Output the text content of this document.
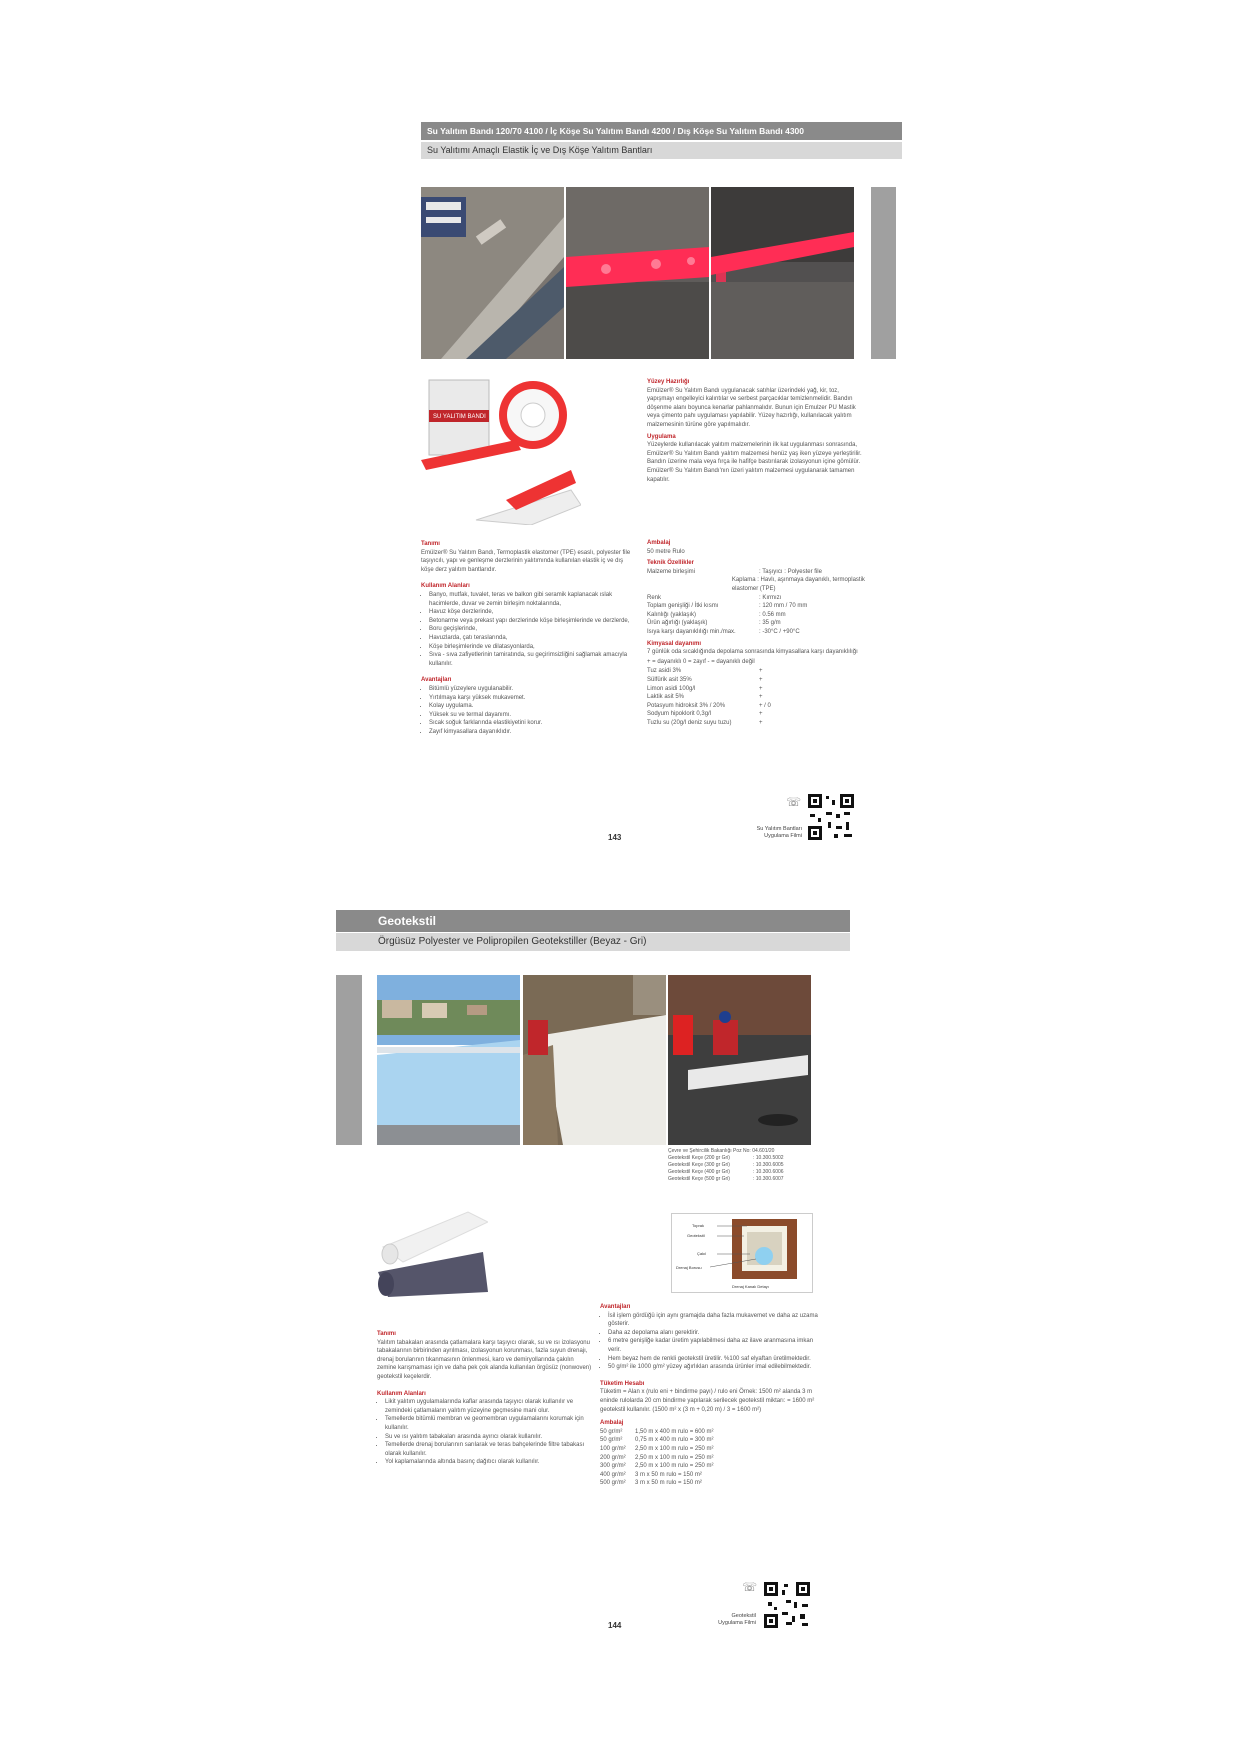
Su Yalıtım Bandı 120/70 4100 / İç Köşe Su Yalıtım Bandı 4200 / Dış Köşe Su Yalıtım Bandı 4300
Su Yalıtımı Amaçlı Elastik İç ve Dış Köşe Yalıtım Bantları
SU YALITIM BANDI
Yüzey Hazırlığı

Emülzer® Su Yalıtım Bandı uygulanacak satıhlar üzerindeki yağ, kir, toz, yapışmayı engelleyici kalıntılar ve serbest parçacıklar temizlenmelidir. Bandın döşenme alanı boyunca kenarlar pahlanmalıdır. Bunun için Emulzer PU Mastik veya çimento pahı uygulaması yapılabilir. Yüzey hazırlığı, kullanılacak yalıtım malzemesinin türüne göre yapılmalıdır.

Uygulama

Yüzeylerde kullanılacak yalıtım malzemelerinin ilk kat uygulanması sonrasında, Emülzer® Su Yalıtım Bandı yalıtım malzemesi henüz yaş iken yüzeye yerleştirilir. Bandın üzerine mala veya fırça ile hafifçe bastırılarak izolasyonun içine gömülür. Emülzer® Su Yalıtım Bandı'nın üzeri yalıtım malzemesi uygulanarak tamamen kapatılır.

Ambalaj

50 metre Rulo

Teknik Özellikler
Malzeme birleşimi	: Taşıyıcı : Polyester file
Kaplama : Havlı, aşınmaya dayanıklı, termoplastik elastomer (TPE)
Renk	: Kırmızı
Toplam genişliği / İtki kısmı	: 120 mm / 70 mm
Kalınlığı (yaklaşık)	: 0.56 mm
Ürün ağırlığı (yaklaşık)	: 35 g/m
Isıya karşı dayanıklılığı min./max.	: -30°C / +90°C
Kimyasal dayanımı

7 günlük oda sıcaklığında depolama sonrasında kimyasallara karşı dayanıklılığı

+ = dayanıklı 0 = zayıf - = dayanıklı değil

Tuz asidi 3%	+
Sülfürik asit 35%	+
Limon asidi 100g/l	+
Laktik asit 5%	+
Potasyum hidroksit 3% / 20%	+ / 0
Sodyum hipoklorit 0,3g/l	+
Tuzlu su (20g/l deniz suyu tuzu)	+
Tanımı

Emülzer® Su Yalıtım Bandı, Termoplastik elastomer (TPE) esaslı, polyester file taşıyıcılı, yapı ve genleşme derzlerinin yalıtımında kullanılan elastik iç ve dış köşe derz yalıtım bantlarıdır.

Kullanım Alanları
• Banyo, mutfak, tuvalet, teras ve balkon gibi seramik kaplanacak ıslak hacimlerde, duvar ve zemin birleşim noktalarında,
• Havuz köşe derzlerinde,
• Betonarme veya prekast yapı derzlerinde köşe birleşimlerinde ve derzlerde,
• Boru geçişlerinde,
• Havuzlarda, çatı teraslarında,
• Köşe birleşimlerinde ve dilatasyonlarda,
• Sıva - sıva zafiyetlerinin tamiratında, su geçirimsizliğini sağlamak amacıyla kullanılır.
Avantajları
• Bitümlü yüzeylere uygulanabilir.
• Yırtılmaya karşı yüksek mukavemet.
• Kolay uygulama.
• Yüksek su ve termal dayanımı.
• Sıcak soğuk farklarında elastikiyetini korur.
• Zayıf kimyasallara dayanıklıdır.
143
Su Yalıtım Bantları
Uygulama Filmi
☏
Geotekstil
Örgüsüz Polyester ve Polipropilen Geotekstiller (Beyaz - Gri)
Çevre ve Şehircilik Bakanlığı Poz No: 04.601/20
Geotekstil Keçe (200 gr Gri)	: 10.300.5002
Geotekstil Keçe (300 gr Gri)	: 10.300.6005
Geotekstil Keçe (400 gr Gri)	: 10.300.6006
Geotekstil Keçe (500 gr Gri)	: 10.300.6007
Toprak
Geotekstil
Çakıl
Drenaj Borusu
Drenaj Kanalı Detayı
Tanımı

Yalıtım tabakaları arasında çatlamalara karşı taşıyıcı olarak, su ve ısı izolasyonu tabakalarının birbirinden ayrılması, izolasyonun korunması, fazla suyun drenajı, drenaj borularının tıkanmasının önlenmesi, karo ve demiryollarında çakılın zemine karışmaması için ve daha pek çok alanda kullanılan örgüsüz (nonwoven) geotekstil keçelerdir.

Kullanım Alanları
• Likit yalıtım uygulamalarında kaflar arasında taşıyıcı olarak kullanılır ve zemindeki çatlamaların yalıtım yüzeyine geçmesine mani olur.
• Temellerde bitümlü membran ve geomembran uygulamalarını korumak için kullanılır.
• Su ve ısı yalıtım tabakaları arasında ayırıcı olarak kullanılır.
• Temellerde drenaj borularının sarılarak ve teras bahçelerinde filtre tabakası olarak kullanılır.
• Yol kaplamalarında altında basınç dağıtıcı olarak kullanılır.
Avantajları
• İsil işlem gördüğü için aynı gramajda daha fazla mukavemet ve daha az uzama gösterir.
• Daha az depolama alanı gerektirir.
• 6 metre genişliğe kadar üretim yapılabilmesi daha az ilave aranmasına imkan verir.
• Hem beyaz hem de renkli geotekstil üretilir. %100 saf elyaftan üretilmektedir.
• 50 g/m² ile 1000 g/m² yüzey ağırlıkları arasında ürünler imal edilebilmektedir.
Tüketim Hesabı

Tüketim = Alan x (rulo eni + bindirme payı) / rulo eni Örnek: 1500 m² alanda 3 m eninde rulolarda 20 cm bindirme yapılarak serilecek geotekstil miktarı: = 1600 m² geotekstil kullanılır. (1500 m² x (3 m + 0,20 m) / 3 = 1600 m²)

Ambalaj
50 gr/m²	1,50 m x 400 m rulo = 600 m²
50 gr/m²	0,75 m x 400 m rulo = 300 m²
100 gr/m²	2,50 m x 100 m rulo = 250 m²
200 gr/m²	2,50 m x 100 m rulo = 250 m²
300 gr/m²	2,50 m x 100 m rulo = 250 m²
400 gr/m²	3 m x 50 m rulo = 150 m²
500 gr/m²	3 m x 50 m rulo = 150 m²
144
Geotekstil
Uygulama Filmi
☏
